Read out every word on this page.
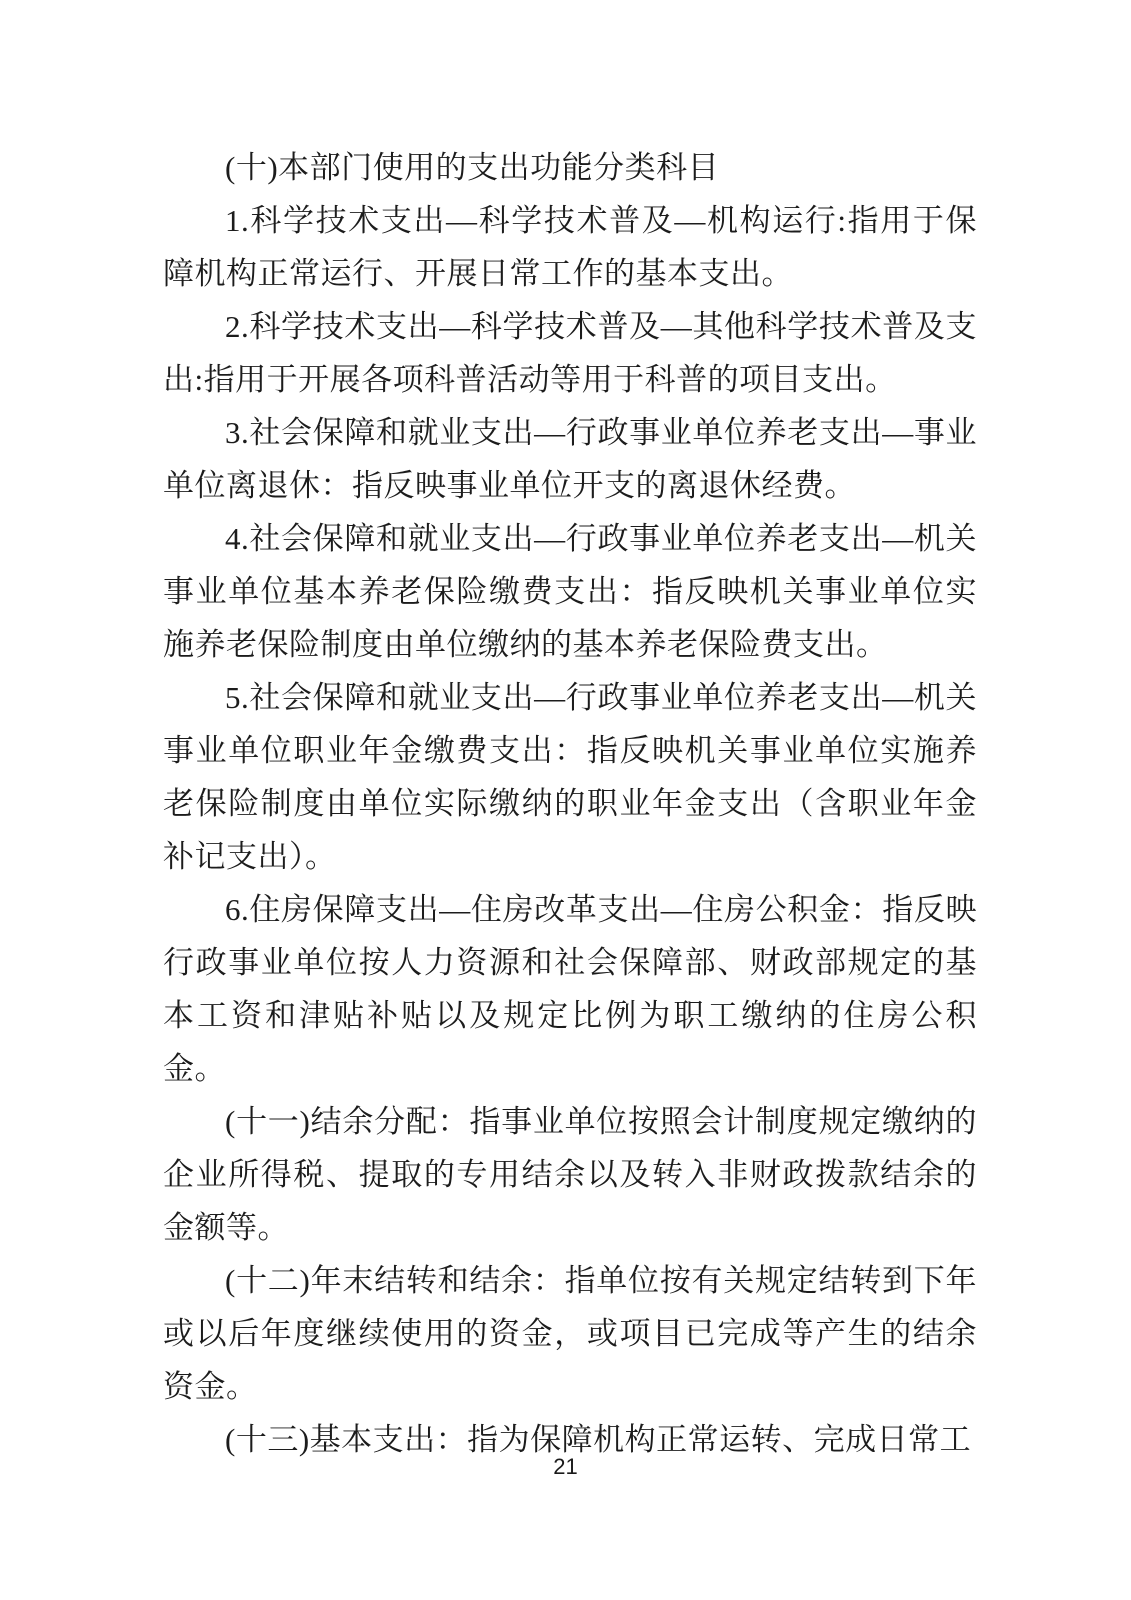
(十)本部门使用的支出功能分类科目

1.科学技术支出—科学技术普及—机构运行:指用于保障机构正常运行、开展日常工作的基本支出。

2.科学技术支出—科学技术普及—其他科学技术普及支出:指用于开展各项科普活动等用于科普的项目支出。

3.社会保障和就业支出—行政事业单位养老支出—事业单位离退休：指反映事业单位开支的离退休经费。

4.社会保障和就业支出—行政事业单位养老支出—机关事业单位基本养老保险缴费支出：指反映机关事业单位实施养老保险制度由单位缴纳的基本养老保险费支出。

5.社会保障和就业支出—行政事业单位养老支出—机关事业单位职业年金缴费支出：指反映机关事业单位实施养老保险制度由单位实际缴纳的职业年金支出（含职业年金补记支出）。

6.住房保障支出—住房改革支出—住房公积金：指反映行政事业单位按人力资源和社会保障部、财政部规定的基本工资和津贴补贴以及规定比例为职工缴纳的住房公积金。

(十一)结余分配：指事业单位按照会计制度规定缴纳的企业所得税、提取的专用结余以及转入非财政拨款结余的金额等。

(十二)年末结转和结余：指单位按有关规定结转到下年或以后年度继续使用的资金，或项目已完成等产生的结余资金。

(十三)基本支出：指为保障机构正常运转、完成日常工

21
